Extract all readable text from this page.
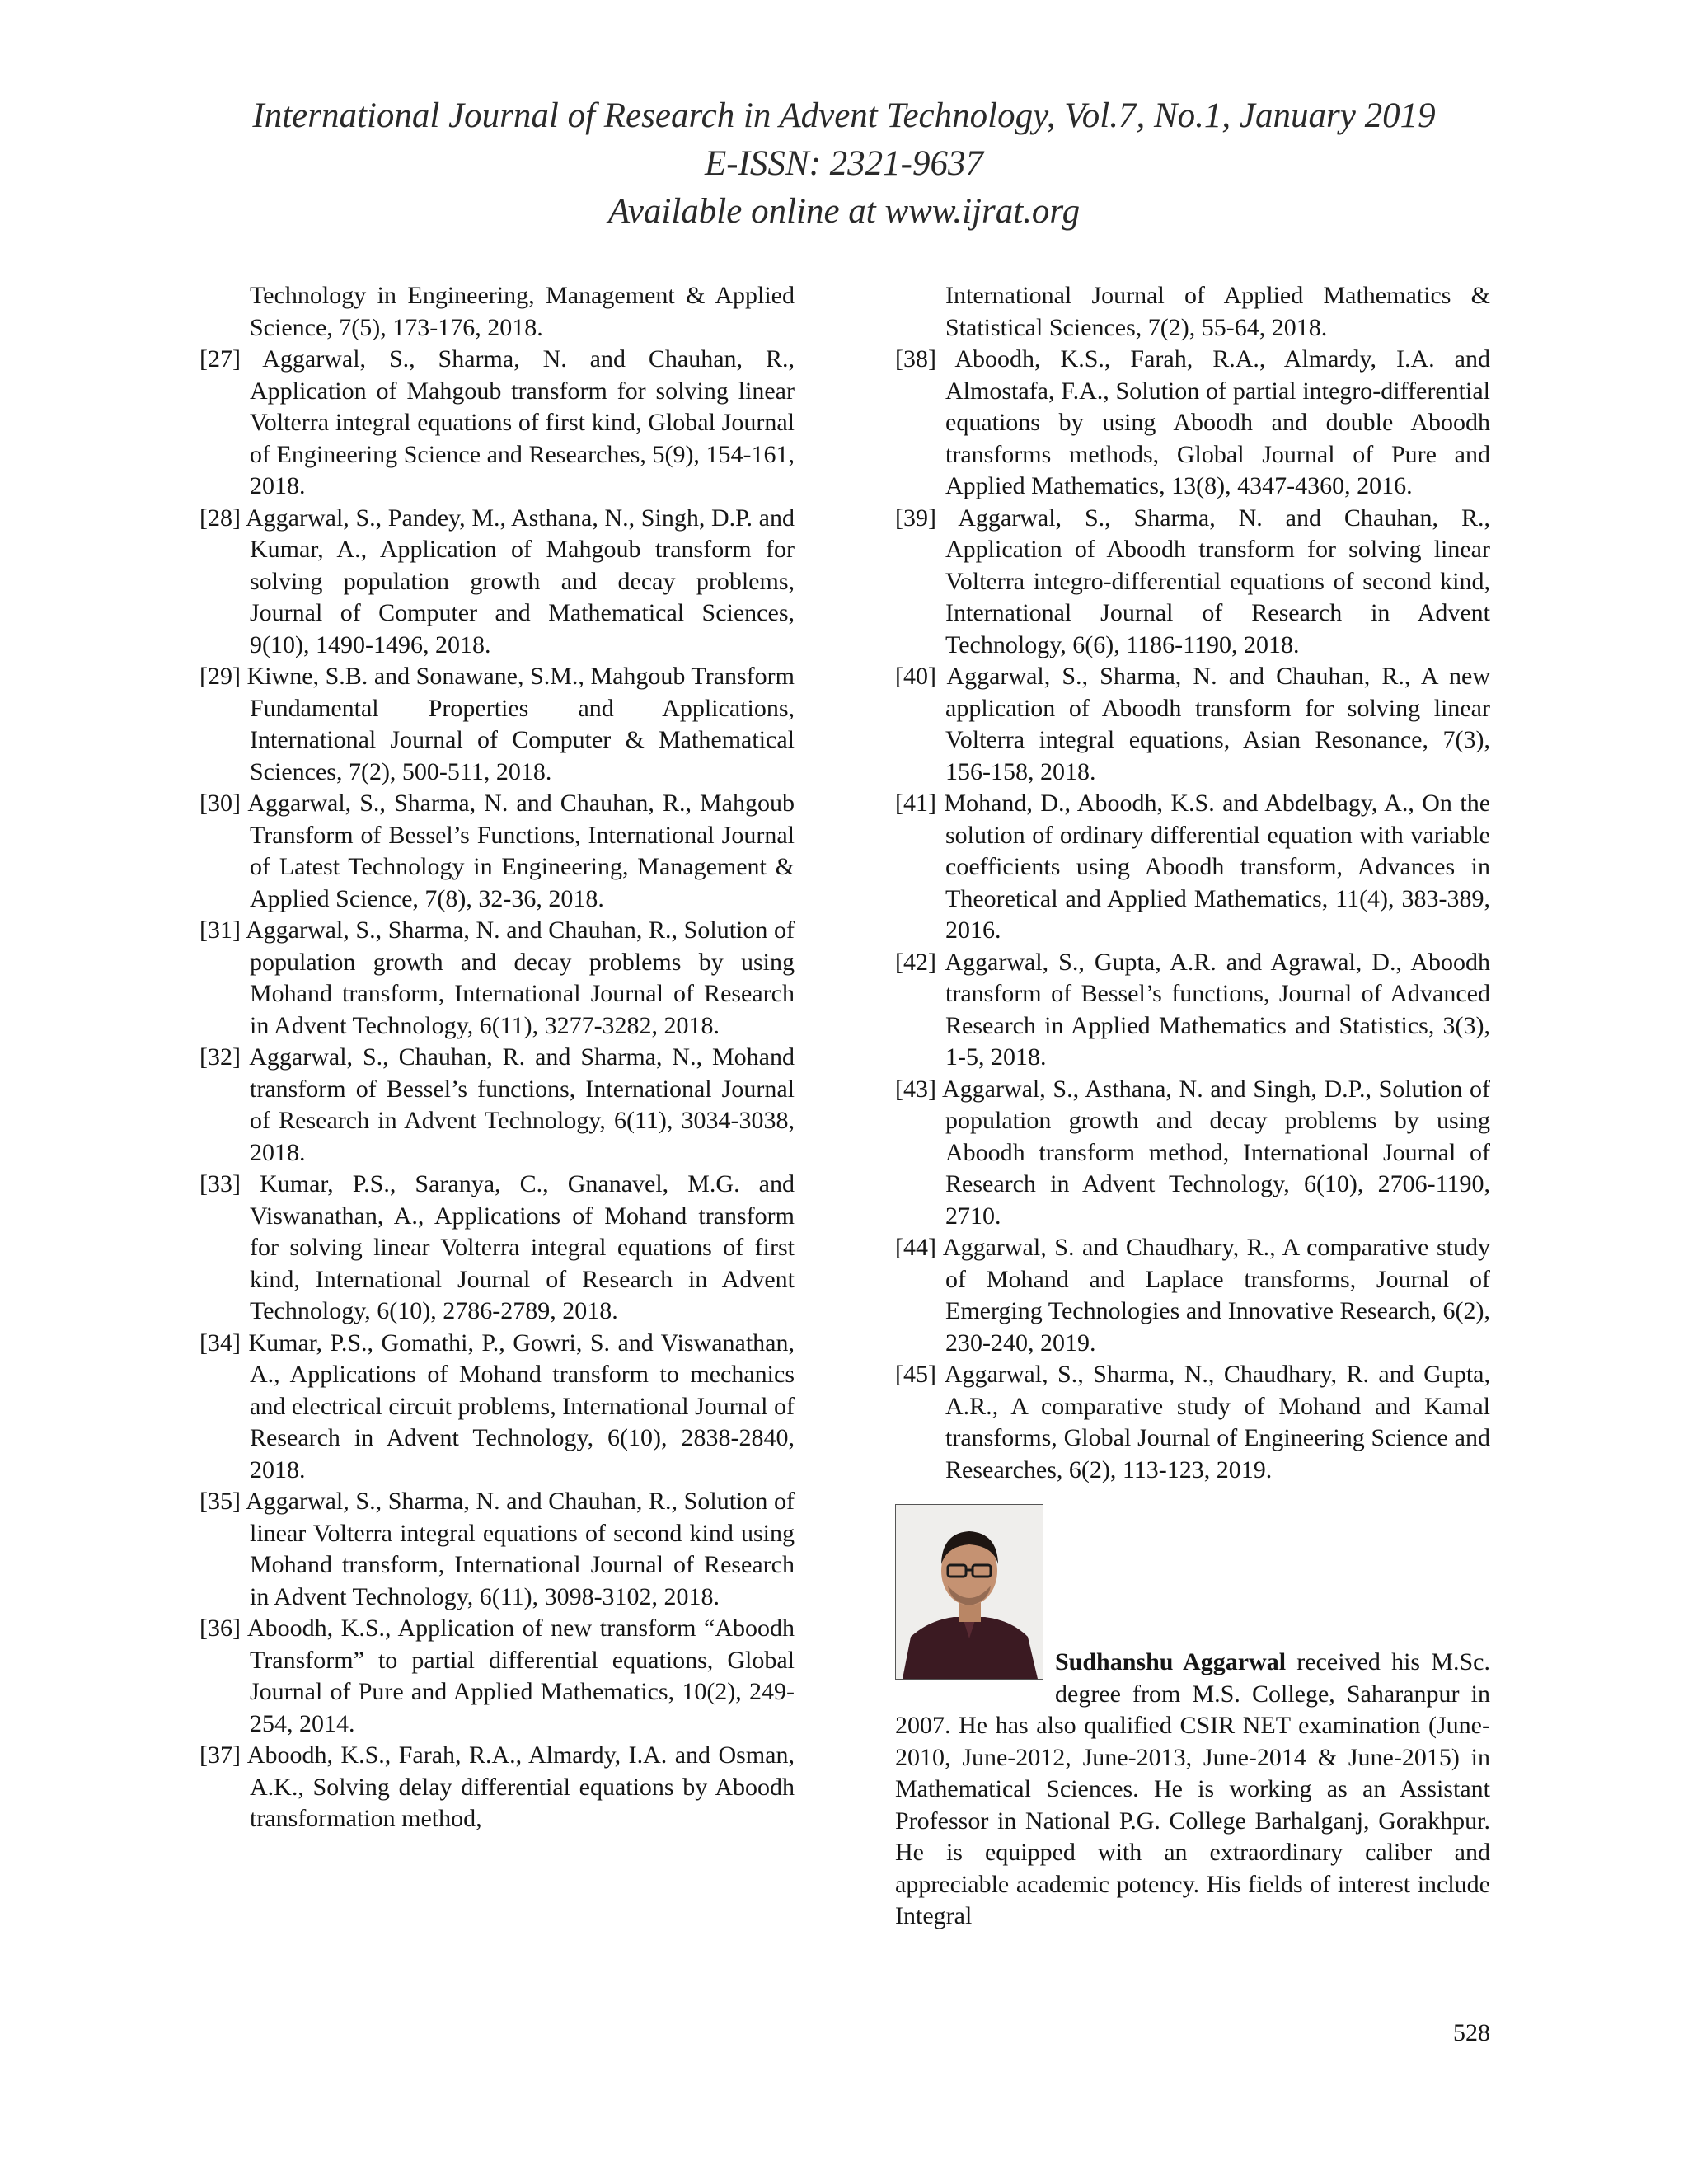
International Journal of Research in Advent Technology, Vol.7, No.1, January 2019
E-ISSN: 2321-9637
Available online at www.ijrat.org

Technology in Engineering, Management & Applied Science, 7(5), 173-176, 2018.

[27] Aggarwal, S., Sharma, N. and Chauhan, R., Application of Mahgoub transform for solving linear Volterra integral equations of first kind, Global Journal of Engineering Science and Researches, 5(9), 154-161, 2018.

[28] Aggarwal, S., Pandey, M., Asthana, N., Singh, D.P. and Kumar, A., Application of Mahgoub transform for solving population growth and decay problems, Journal of Computer and Mathematical Sciences, 9(10), 1490-1496, 2018.

[29] Kiwne, S.B. and Sonawane, S.M., Mahgoub Transform Fundamental Properties and Applications, International Journal of Computer & Mathematical Sciences, 7(2), 500-511, 2018.

[30] Aggarwal, S., Sharma, N. and Chauhan, R., Mahgoub Transform of Bessel’s Functions, International Journal of Latest Technology in Engineering, Management & Applied Science, 7(8), 32-36, 2018.

[31] Aggarwal, S., Sharma, N. and Chauhan, R., Solution of population growth and decay problems by using Mohand transform, International Journal of Research in Advent Technology, 6(11), 3277-3282, 2018.

[32] Aggarwal, S., Chauhan, R. and Sharma, N., Mohand transform of Bessel’s functions, International Journal of Research in Advent Technology, 6(11), 3034-3038, 2018.

[33] Kumar, P.S., Saranya, C., Gnanavel, M.G. and Viswanathan, A., Applications of Mohand transform for solving linear Volterra integral equations of first kind, International Journal of Research in Advent Technology, 6(10), 2786-2789, 2018.

[34] Kumar, P.S., Gomathi, P., Gowri, S. and Viswanathan, A., Applications of Mohand transform to mechanics and electrical circuit problems, International Journal of Research in Advent Technology, 6(10), 2838-2840, 2018.

[35] Aggarwal, S., Sharma, N. and Chauhan, R., Solution of linear Volterra integral equations of second kind using Mohand transform, International Journal of Research in Advent Technology, 6(11), 3098-3102, 2018.

[36] Aboodh, K.S., Application of new transform “Aboodh Transform” to partial differential equations, Global Journal of Pure and Applied Mathematics, 10(2), 249-254, 2014.

[37] Aboodh, K.S., Farah, R.A., Almardy, I.A. and Osman, A.K., Solving delay differential equations by Aboodh transformation method,

International Journal of Applied Mathematics & Statistical Sciences, 7(2), 55-64, 2018.

[38] Aboodh, K.S., Farah, R.A., Almardy, I.A. and Almostafa, F.A., Solution of partial integro-differential equations by using Aboodh and double Aboodh transforms methods, Global Journal of Pure and Applied Mathematics, 13(8), 4347-4360, 2016.

[39] Aggarwal, S., Sharma, N. and Chauhan, R., Application of Aboodh transform for solving linear Volterra integro-differential equations of second kind, International Journal of Research in Advent Technology, 6(6), 1186-1190, 2018.

[40] Aggarwal, S., Sharma, N. and Chauhan, R., A new application of Aboodh transform for solving linear Volterra integral equations, Asian Resonance, 7(3), 156-158, 2018.

[41] Mohand, D., Aboodh, K.S. and Abdelbagy, A., On the solution of ordinary differential equation with variable coefficients using Aboodh transform, Advances in Theoretical and Applied Mathematics, 11(4), 383-389, 2016.

[42] Aggarwal, S., Gupta, A.R. and Agrawal, D., Aboodh transform of Bessel’s functions, Journal of Advanced Research in Applied Mathematics and Statistics, 3(3), 1-5, 2018.

[43] Aggarwal, S., Asthana, N. and Singh, D.P., Solution of population growth and decay problems by using Aboodh transform method, International Journal of Research in Advent Technology, 6(10), 2706-1190, 2710.

[44] Aggarwal, S. and Chaudhary, R., A comparative study of Mohand and Laplace transforms, Journal of Emerging Technologies and Innovative Research, 6(2), 230-240, 2019.

[45] Aggarwal, S., Sharma, N., Chaudhary, R. and Gupta, A.R., A comparative study of Mohand and Kamal transforms, Global Journal of Engineering Science and Researches, 6(2), 113-123, 2019.

Sudhanshu Aggarwal received his M.Sc. degree from M.S. College, Saharanpur in 2007. He has also qualified CSIR NET examination (June-2010, June-2012, June-2013, June-2014 & June-2015) in Mathematical Sciences. He is working as an Assistant Professor in National P.G. College Barhalganj, Gorakhpur. He is equipped with an extraordinary caliber and appreciable academic potency. His fields of interest include Integral

528
